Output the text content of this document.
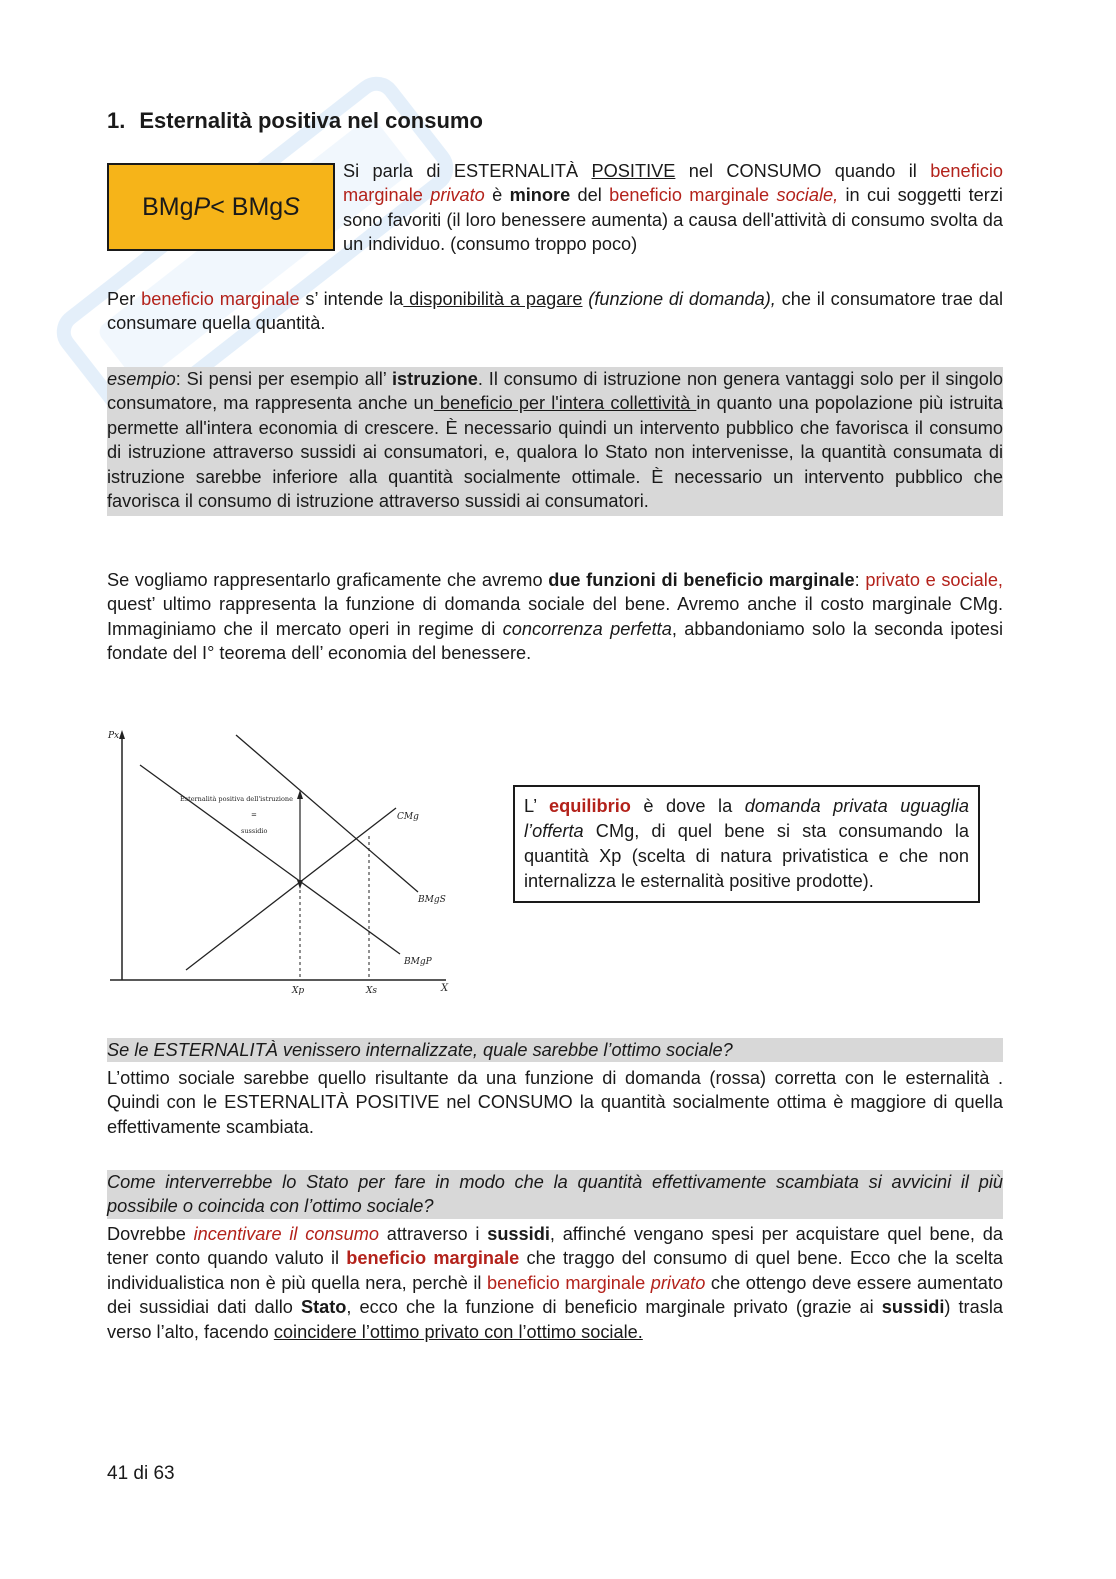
1. Esternalità positiva nel consumo
BMg P < BMg S

Si parla di ESTERNALITÀ POSITIVE nel CONSUMO quando il beneficio marginale privato è minore del beneficio marginale sociale, in cui soggetti terzi sono favoriti (il loro benessere aumenta) a causa dell'attività di consumo svolta da un individuo. (consumo troppo poco)

Per beneficio marginale s’ intende la disponibilità a pagare (funzione di domanda), che il consumatore trae dal consumare quella quantità.

esempio: Si pensi per esempio all’ istruzione. Il consumo di istruzione non genera vantaggi solo per il singolo consumatore, ma rappresenta anche un beneficio per l'intera collettività in quanto una popolazione più istruita permette all'intera economia di crescere. È necessario quindi un intervento pubblico che favorisca il consumo di istruzione attraverso sussidi ai consumatori, e, qualora lo Stato non intervenisse, la quantità consumata di istruzione sarebbe inferiore alla quantità socialmente ottimale. È necessario un intervento pubblico che favorisca il consumo di istruzione attraverso sussidi ai consumatori.

Se vogliamo rappresentarlo graficamente che avremo due funzioni di beneficio marginale: privato e sociale, quest’ ultimo rappresenta la funzione di domanda sociale del bene. Avremo anche il costo marginale CMg. Immaginiamo che il mercato operi in regime di concorrenza perfetta, abbandoniamo solo la seconda ipotesi fondate del I° teorema dell’ economia del benessere.

Px
X
CMg
BMgS
BMgP
Xp	Xs
Esternalità positiva dell'istruzione
=
sussidio
L’ equilibrio è dove la domanda privata uguaglia l’offerta CMg, di quel bene si sta consumando la quantità Xp (scelta di natura privatistica e che non internalizza le esternalità positive prodotte).

Se le ESTERNALITÀ venissero internalizzate, quale sarebbe l’ottimo sociale?

L’ottimo sociale sarebbe quello risultante da una funzione di domanda (rossa) corretta con le esternalità . Quindi con le ESTERNALITÀ POSITIVE nel CONSUMO la quantità socialmente ottima è maggiore di quella effettivamente scambiata.

Come interverrebbe lo Stato per fare in modo che la quantità effettivamente scambiata si avvicini il più possibile o coincida con l’ottimo sociale?

Dovrebbe incentivare il consumo attraverso i sussidi, affinché vengano spesi per acquistare quel bene, da tener conto quando valuto il beneficio marginale che traggo del consumo di quel bene. Ecco che la scelta individualistica non è più quella nera, perchè il beneficio marginale privato che ottengo deve essere aumentato dei sussidiai dati dallo Stato, ecco che la funzione di beneficio marginale privato (grazie ai sussidi) trasla verso l’alto, facendo coincidere l’ottimo privato con l’ottimo sociale.

41 di 63
